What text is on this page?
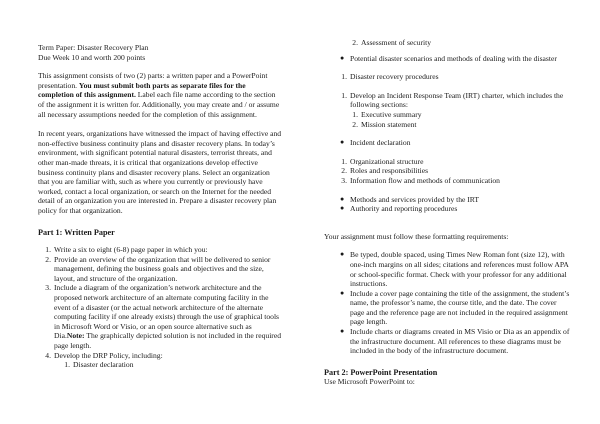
Term Paper: Disaster Recovery Plan

Due Week 10 and worth 200 points

This assignment consists of two (2) parts: a written paper and a PowerPoint presentation. You must submit both parts as separate files for the completion of this assignment. Label each file name according to the section of the assignment it is written for. Additionally, you may create and / or assume all necessary assumptions needed for the completion of this assignment.

In recent years, organizations have witnessed the impact of having effective and non-effective business continuity plans and disaster recovery plans. In today’s environment, with significant potential natural disasters, terrorist threats, and other man-made threats, it is critical that organizations develop effective business continuity plans and disaster recovery plans. Select an organization that you are familiar with, such as where you currently or previously have worked, contact a local organization, or search on the Internet for the needed detail of an organization you are interested in. Prepare a disaster recovery plan policy for that organization.

Part 1: Written Paper

1. Write a six to eight (6-8) page paper in which you:
2. Provide an overview of the organization that will be delivered to senior management, defining the business goals and objectives and the size, layout, and structure of the organization.
3. Include a diagram of the organization’s network architecture and the proposed network architecture of an alternate computing facility in the event of a disaster (or the actual network architecture of the alternate computing facility if one already exists) through the use of graphical tools in Microsoft Word or Visio, or an open source alternative such as Dia.Note: The graphically depicted solution is not included in the required page length.
4. Develop the DRP Policy, including:
1. Disaster declaration
2. Assessment of security
● Potential disaster scenarios and methods of dealing with the disaster
1. Disaster recovery procedures
1. Develop an Incident Response Team (IRT) charter, which includes the following sections:
1. Executive summary
2. Mission statement
● Incident declaration
1. Organizational structure
2. Roles and responsibilities
3. Information flow and methods of communication
● Methods and services provided by the IRT
● Authority and reporting procedures

Your assignment must follow these formatting requirements:

● Be typed, double spaced, using Times New Roman font (size 12), with one-inch margins on all sides; citations and references must follow APA or school-specific format. Check with your professor for any additional instructions.
● Include a cover page containing the title of the assignment, the student’s name, the professor’s name, the course title, and the date. The cover page and the reference page are not included in the required assignment page length.
● Include charts or diagrams created in MS Visio or Dia as an appendix of the infrastructure document. All references to these diagrams must be included in the body of the infrastructure document.

Part 2: PowerPoint Presentation

Use Microsoft PowerPoint to:
